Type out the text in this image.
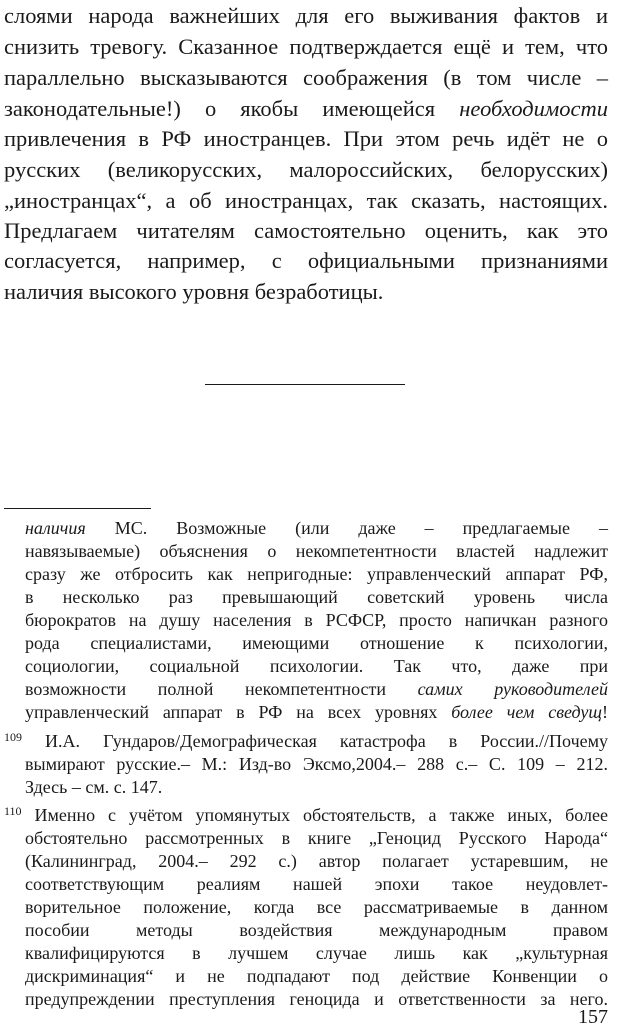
слоями народа важнейших для его выживания фактов и
снизить тревогу. Сказанное подтверждается ещё и тем, что
параллельно высказываются соображения (в том числе –
законодательные!) о якобы имеющейся необходимости
привлечения в РФ иностранцев. При этом речь идёт не о
русских (великорусских, малороссийских, белорусских)
„иностранцах“, а об иностранцах, так сказать, настоящих.
Предлагаем читателям самостоятельно оценить, как это
согласуется, например, с официальными признаниями
наличия высокого уровня безработицы.
наличия МС. Возможные (или даже – предлагаемые –
навязываемые) объяснения о некомпетентности властей надлежит
сразу же отбросить как непригодные: управленческий аппарат РФ,
в несколько раз превышающий советский уровень числа
бюрократов на душу населения в РСФСР, просто напичкан разного
рода специалистами, имеющими отношение к психологии,
социологии, социальной психологии. Так что, даже при
возможности полной некомпетентности самих руководителей
управленческий аппарат в РФ на всех уровнях более чем сведущ!
$^{109}$ И.А. Гундаров/Демографическая катастрофа в России.//Почему
вымирают русские.– М.: Изд-во Эксмо,2004.– 288 с.– С. 109 – 212.
Здесь – см. с. 147.
$^{110}$ Именно с учётом упомянутых обстоятельств, а также иных, более
обстоятельно рассмотренных в книге „Геноцид Русского Народа“
(Калининград, 2004.– 292 с.) автор полагает устаревшим, не
соответствующим реалиям нашей эпохи такое неудовлет-
ворительное положение, когда все рассматриваемые в данном
пособии методы воздействия международным правом
квалифицируются в лучшем случае лишь как „культурная
дискриминация“ и не подпадают под действие Конвенции о
предупреждении преступления геноцида и ответственности за него.
157
